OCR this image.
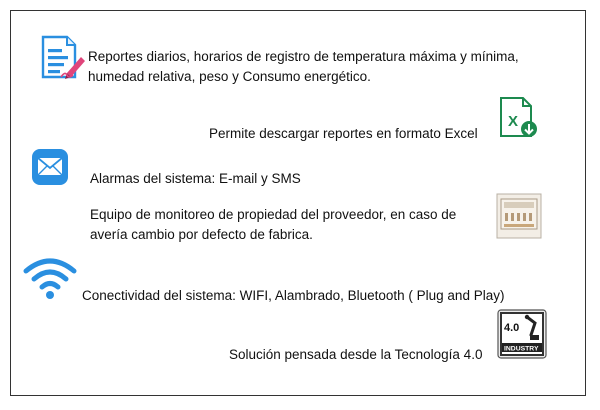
Reportes diarios, horarios de registro de temperatura máxima y mínima,
humedad relativa, peso y Consumo energético.
Permite descargar reportes en formato Excel
X
Alarmas del sistema: E-mail y SMS
Equipo de monitoreo de propiedad del proveedor, en caso de
avería cambio por defecto de fabrica.
Conectividad del sistema: WIFI, Alambrado, Bluetooth ( Plug and Play)
4.0
INDUSTRY
Solución pensada desde la Tecnología 4.0
